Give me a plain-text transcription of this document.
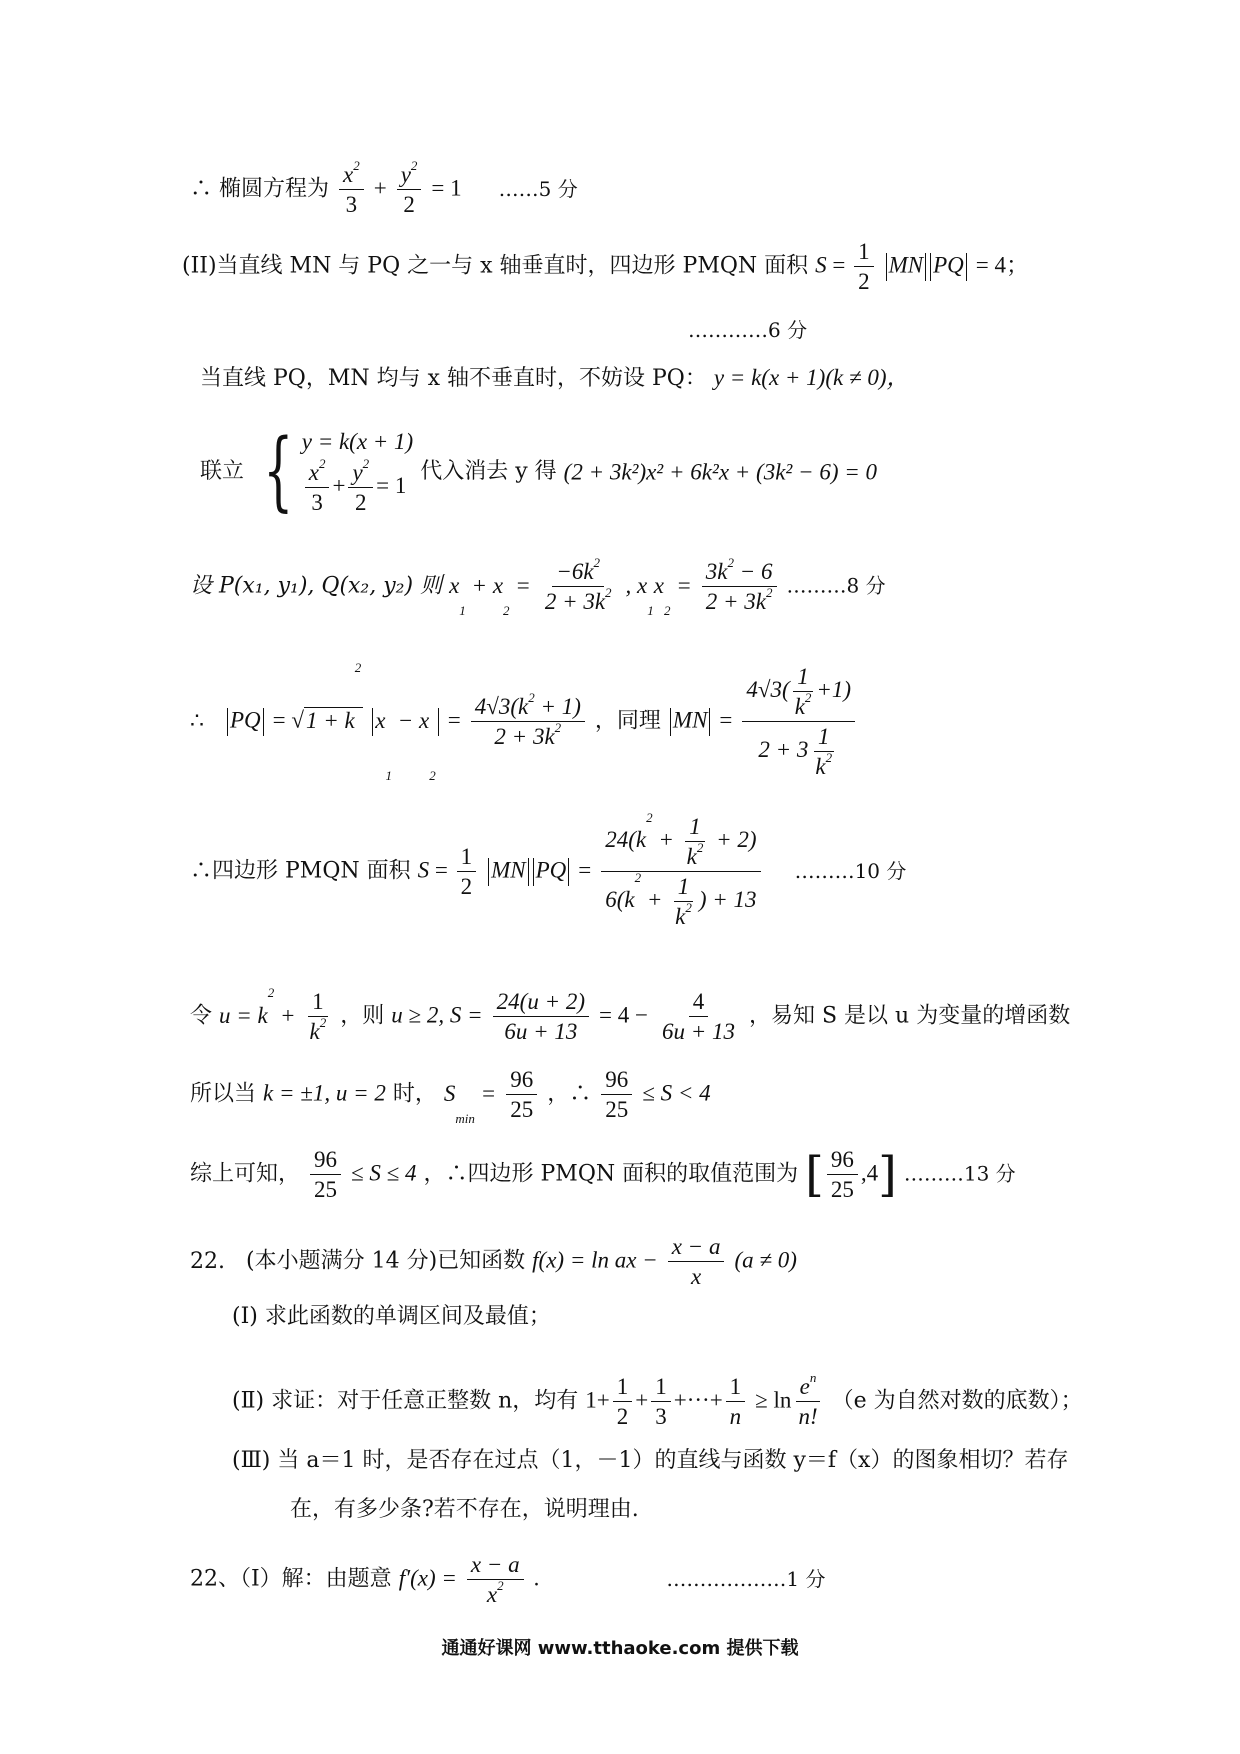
∴ 椭圆方程为 $\frac{x^2}{3} + \frac{y^2}{2} = 1$ ……5 分
(II)当直线 MN 与 PQ 之一与 x 轴垂直时，四边形 PMQN 面积 $S = \frac{1}{2}$ MN PQ = 4；
…………6 分
当直线 PQ，MN 均与 x 轴不垂直时，不妨设 PQ： y = k(x + 1)(k ≠ 0)，
联立 { y = k(x + 1)
$\frac{x^2}{3} + \frac{y^2}{2} = 1$
代入消去 y 得 (2 + 3k²)x² + 6k²x + (3k² − 6) = 0
设 P(x₁, y₁), Q(x₂, y₂) 则 $x_1 + x_2 = \frac{-6k^2}{2 + 3k^2}$ , $x_1x_2 = \frac{3k^2 - 6}{2 + 3k^2}$ ………8 分
∴ PQ = $√1 + k^2$ $x_1 - x_2 = \frac{4√3(k^2 + 1)}{2 + 3k^2}$ ，同理 MN = $\frac{4√3( \frac{1}{k^2} +1)}{2 + 3 \frac{1}{k^2}}$
∴四边形 PMQN 面积 $S = \frac{1}{2}$ MN PQ = $\frac{24(k^2 + \frac{1}{k^2} + 2)}{6(k^2 + \frac{1}{k^2} ) + 13}$ ………10 分
令 $u = k^2 + \frac{1}{k^2}$ ，则 u ≥ 2, $S = \frac{24(u + 2)}{6u + 13} = 4 - \frac{4}{6u + 13}$ ，易知 S 是以 u 为变量的增函数
所以当 k = ±1, u = 2 时， $S_{min} = \frac{96}{25}$ ，∴ $\frac{96}{25} \le S < 4$
综上可知， $\frac{96}{25} \le S \le 4$ ，∴四边形 PMQN 面积的取值范围为 [ $\frac{96}{25} ,4$] ………13 分
22. (本小题满分 14 分)已知函数 f(x) = ln ax − $\frac{x - a}{x} (a \ne 0)$
(Ⅰ) 求此函数的单调区间及最值；
(Ⅱ) 求证：对于任意正整数 n，均有 $1+ \frac{1}{2} + \frac{1}{3}$ +···+ $\frac{1}{n} \ge \ln \frac{e^n}{n!} (e$ 为自然对数的底数）；
(Ⅲ) 当 a＝1 时，是否存在过点（1，－1）的直线与函数 y＝f（x）的图象相切？若存
在，有多少条?若不存在，说明理由.
22、（Ⅰ）解：由题意 $f'(x) = \frac{x - a}{x^2}$ .	………………1 分
通通好课网 www.tthaoke.com 提供下载
